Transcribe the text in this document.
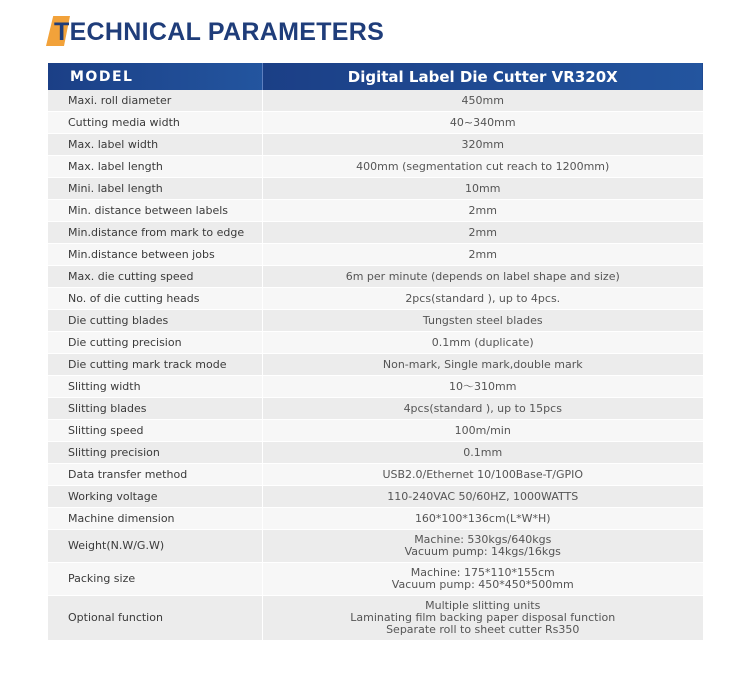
TECHNICAL PARAMETERS
MODEL	Digital Label Die Cutter VR320X
Maxi. roll diameter	450mm

Cutting media width	40~340mm

Max. label width	320mm

Max. label length	400mm (segmentation cut reach to 1200mm)

Mini. label length	10mm

Min. distance between labels	2mm

Min.distance from mark to edge	2mm

Min.distance between jobs	2mm

Max. die cutting speed	6m per minute (depends on label shape and size)

No. of die cutting heads	2pcs(standard ), up to 4pcs.

Die cutting blades	Tungsten steel blades

Die cutting precision	0.1mm (duplicate)

Die cutting mark track mode	Non-mark, Single mark,double mark

Slitting width	10～310mm

Slitting blades	4pcs(standard ), up to 15pcs

Slitting speed	100m/min

Slitting precision	0.1mm

Data transfer method	USB2.0/Ethernet 10/100Base-T/GPIO

Working voltage	110-240VAC 50/60HZ, 1000WATTS

Machine dimension	160*100*136cm(L*W*H)

Weight(N.W/G.W)	Machine: 530kgs/640kgs
Vacuum pump: 14kgs/16kgs

Packing size	Machine: 175*110*155cm
Vacuum pump: 450*450*500mm

Optional function	Multiple slitting units
Laminating film backing paper disposal function
Separate roll to sheet cutter Rs350
